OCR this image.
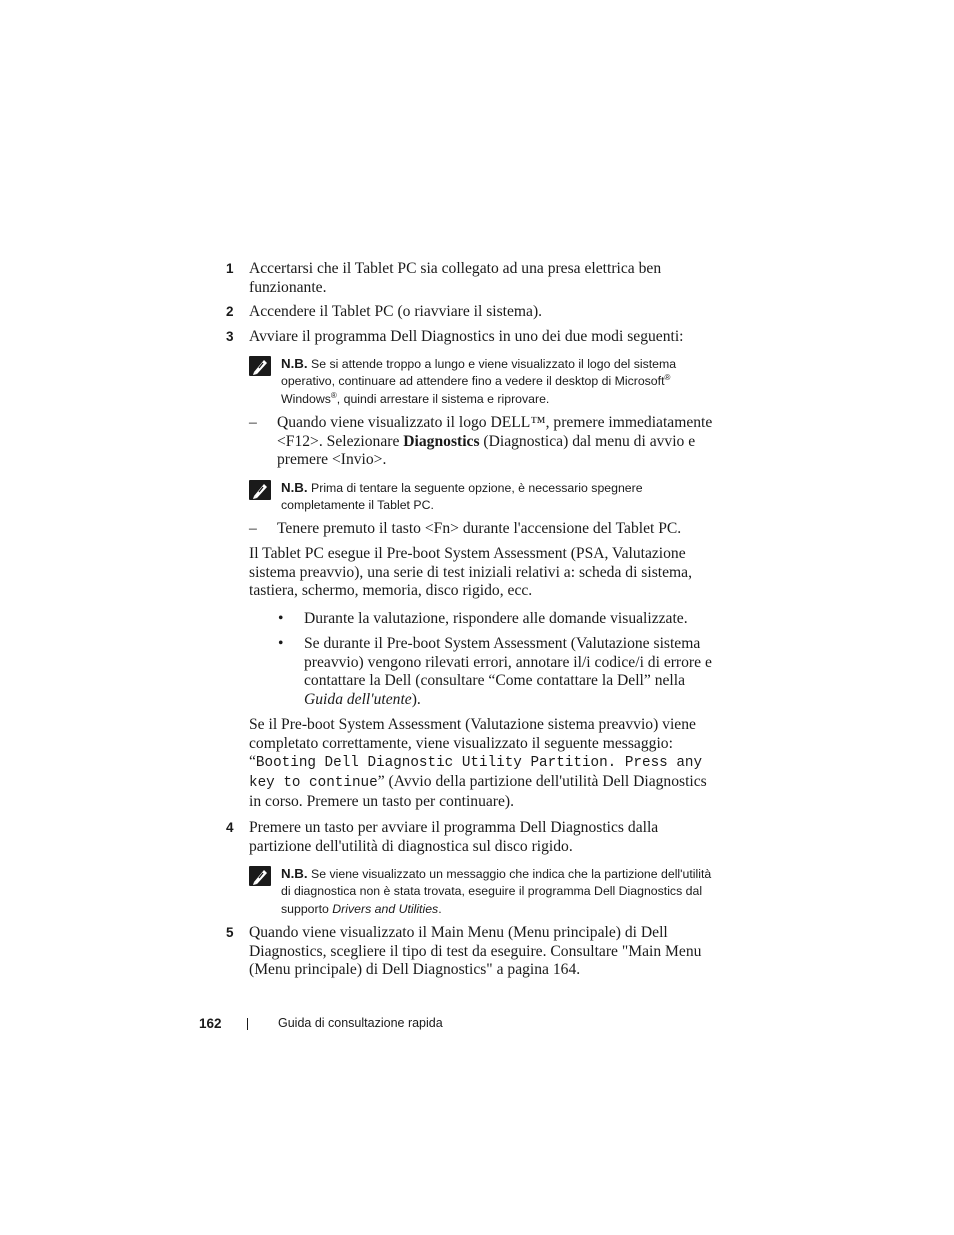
1 Accertarsi che il Tablet PC sia collegato ad una presa elettrica ben funzionante.
2 Accendere il Tablet PC (o riavviare il sistema).
3 Avviare il programma Dell Diagnostics in uno dei due modi seguenti:
N.B. Se si attende troppo a lungo e viene visualizzato il logo del sistema operativo, continuare ad attendere fino a vedere il desktop di Microsoft® Windows®, quindi arrestare il sistema e riprovare.
– Quando viene visualizzato il logo DELL™, premere immediatamente <F12>. Selezionare Diagnostics (Diagnostica) dal menu di avvio e premere <Invio>.
N.B. Prima di tentare la seguente opzione, è necessario spegnere completamente il Tablet PC.
– Tenere premuto il tasto <Fn> durante l'accensione del Tablet PC.
Il Tablet PC esegue il Pre-boot System Assessment (PSA, Valutazione sistema preavvio), una serie di test iniziali relativi a: scheda di sistema, tastiera, schermo, memoria, disco rigido, ecc.
• Durante la valutazione, rispondere alle domande visualizzate.
• Se durante il Pre-boot System Assessment (Valutazione sistema preavvio) vengono rilevati errori, annotare il/i codice/i di errore e contattare la Dell (consultare “Come contattare la Dell” nella Guida dell'utente).
Se il Pre-boot System Assessment (Valutazione sistema preavvio) viene completato correttamente, viene visualizzato il seguente messaggio: “Booting Dell Diagnostic Utility Partition. Press any key to continue” (Avvio della partizione dell'utilità Dell Diagnostics in corso. Premere un tasto per continuare).
4 Premere un tasto per avviare il programma Dell Diagnostics dalla partizione dell'utilità di diagnostica sul disco rigido.
N.B. Se viene visualizzato un messaggio che indica che la partizione dell'utilità di diagnostica non è stata trovata, eseguire il programma Dell Diagnostics dal supporto Drivers and Utilities.
5 Quando viene visualizzato il Main Menu (Menu principale) di Dell Diagnostics, scegliere il tipo di test da eseguire. Consultare "Main Menu (Menu principale) di Dell Diagnostics" a pagina 164.
162	Guida di consultazione rapida
